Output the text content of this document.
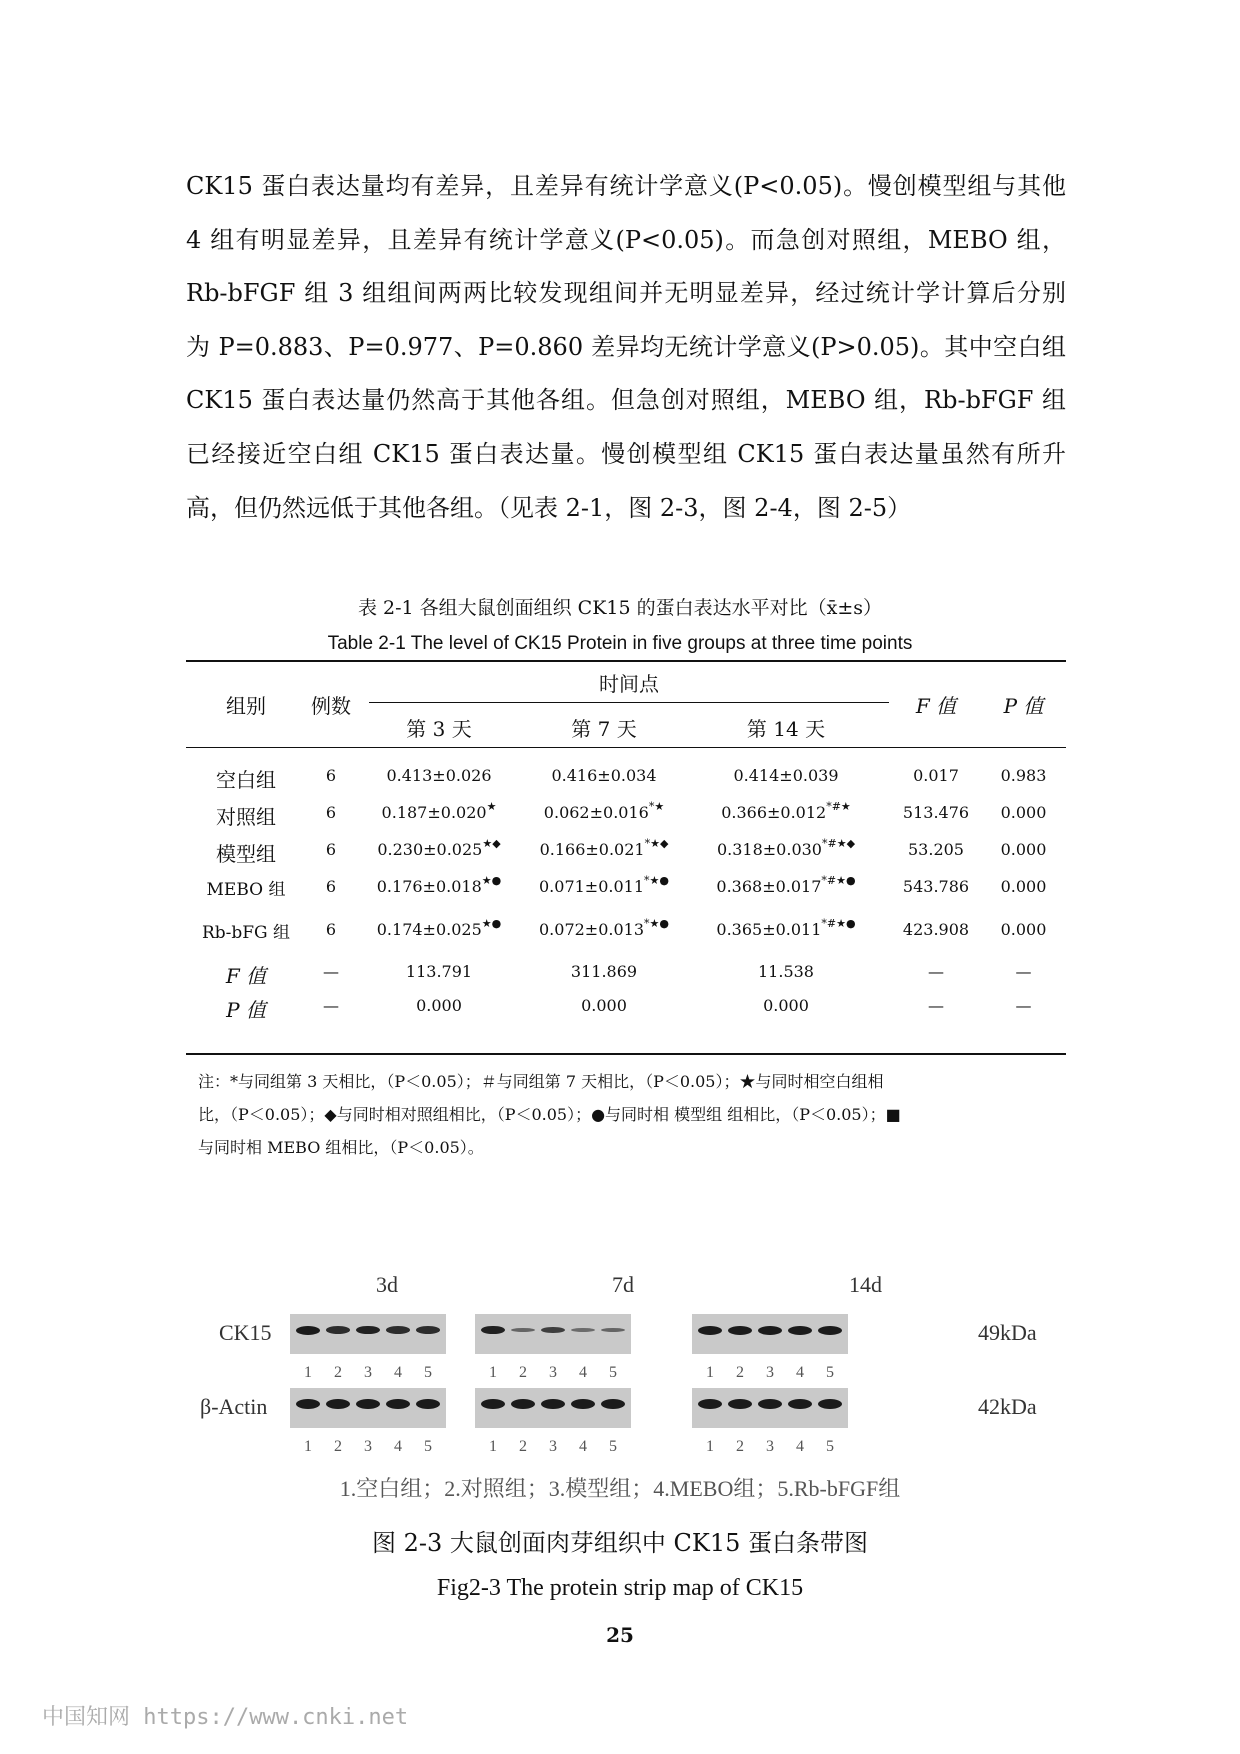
CK15 蛋白表达量均有差异，且差异有统计学意义(P<0.05)。慢创模型组与其他

4 组有明显差异，且差异有统计学意义(P<0.05)。而急创对照组，MEBO 组，

Rb-bFGF 组 3 组组间两两比较发现组间并无明显差异，经过统计学计算后分别

为 P=0.883、P=0.977、P=0.860 差异均无统计学意义(P>0.05)。其中空白组

CK15 蛋白表达量仍然高于其他各组。但急创对照组，MEBO 组，Rb-bFGF 组

已经接近空白组 CK15 蛋白表达量。慢创模型组 CK15 蛋白表达量虽然有所升

高，但仍然远低于其他各组。（见表 2-1，图 2-3，图 2-4，图 2-5）

表 2-1 各组大鼠创面组织 CK15 的蛋白表达水平对比（x̄±s）
Table 2-1 The level of CK15 Protein in five groups at three time points
组别	例数
时间点
第 3 天	第 7 天	第 14 天
F 值	P 值
空白组	6	0.413±0.026	0.416±0.034	0.414±0.039	0.017	0.983
对照组	6	0.187±0.020★	0.062±0.016*★	0.366±0.012*#★	513.476	0.000
模型组	6	0.230±0.025★◆	0.166±0.021*★◆	0.318±0.030*#★◆	53.205	0.000
MEBO 组	6	0.176±0.018★●	0.071±0.011*★●	0.368±0.017*#★●	543.786	0.000
Rb-bFG 组	6	0.174±0.025★●	0.072±0.013*★●	0.365±0.011*#★●	423.908	0.000
F 值	—	113.791	311.869	11.538	—	—
P 值	—	0.000	0.000	0.000	—	—

注：*与同组第 3 天相比，（P＜0.05）；＃与同组第 7 天相比，（P＜0.05）；★与同时相空白组相

比，（P＜0.05）；◆与同时相对照组相比，（P＜0.05）；●与同时相 模型组 组相比，（P＜0.05）；■

与同时相 MEBO 组相比，（P＜0.05）。

3d	7d	14d
CK15
β-Actin
49kDa
42kDa
1 2 3 4 5
1 2 3 4 5
1 2 3 4 5
1 2 3 4 5
1 2 3 4 5
1 2 3 4 5
1.空白组；2.对照组；3.模型组；4.MEBO组；5.Rb-bFGF组
图 2-3 大鼠创面肉芽组织中 CK15 蛋白条带图
Fig2-3 The protein strip map of CK15
25
中国知网 https://www.cnki.net
